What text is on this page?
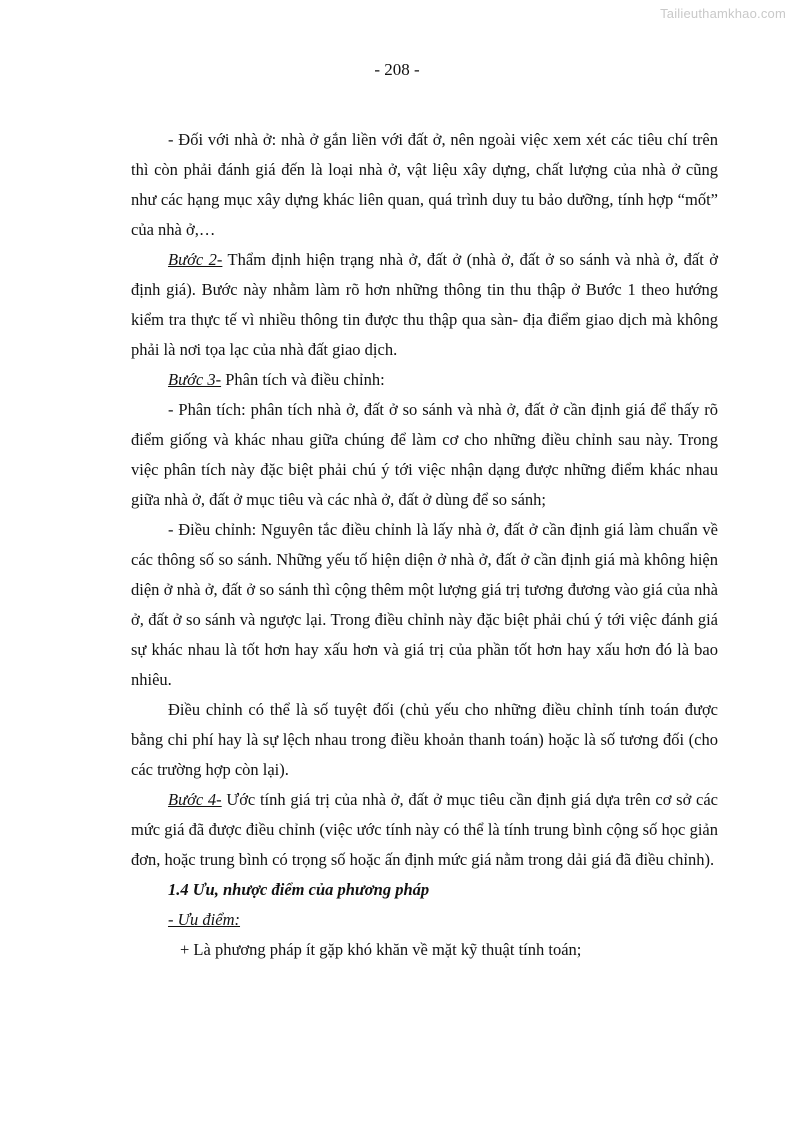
Tailieuthamkhao.com
- 208 -

- Đối với nhà ở: nhà ở gắn liền với đất ở, nên ngoài việc xem xét các tiêu chí trên thì còn phải đánh giá đến là loại nhà ở, vật liệu xây dựng, chất lượng của nhà ở cũng như các hạng mục xây dựng khác liên quan, quá trình duy tu bảo dưỡng, tính hợp “mốt” của nhà ở,…

Bước 2- Thẩm định hiện trạng nhà ở, đất ở (nhà ở, đất ở so sánh và nhà ở, đất ở định giá). Bước này nhằm làm rõ hơn những thông tin thu thập ở Bước 1 theo hướng kiểm tra thực tế vì nhiều thông tin được thu thập qua sàn- địa điểm giao dịch mà không phải là nơi tọa lạc của nhà đất giao dịch.

Bước 3- Phân tích và điều chỉnh:

- Phân tích: phân tích nhà ở, đất ở so sánh và nhà ở, đất ở cần định giá để thấy rõ điểm giống và khác nhau giữa chúng để làm cơ cho những điều chỉnh sau này. Trong việc phân tích này đặc biệt phải chú ý tới việc nhận dạng được những điểm khác nhau giữa nhà ở, đất ở mục tiêu và các nhà ở, đất ở dùng để so sánh;

- Điều chỉnh: Nguyên tắc điều chỉnh là lấy nhà ở, đất ở cần định giá làm chuẩn về các thông số so sánh. Những yếu tố hiện diện ở nhà ở, đất ở cần định giá mà không hiện diện ở nhà ở, đất ở so sánh thì cộng thêm một lượng giá trị tương đương vào giá của nhà ở, đất ở so sánh và ngược lại. Trong điều chỉnh này đặc biệt phải chú ý tới việc đánh giá sự khác nhau là tốt hơn hay xấu hơn và giá trị của phần tốt hơn hay xấu hơn đó là bao nhiêu.

Điều chỉnh có thể là số tuyệt đối (chủ yếu cho những điều chỉnh tính toán được bằng chi phí hay là sự lệch nhau trong điều khoản thanh toán) hoặc là số tương đối (cho các trường hợp còn lại).

Bước 4- Ước tính giá trị của nhà ở, đất ở mục tiêu cần định giá dựa trên cơ sở các mức giá đã được điều chỉnh (việc ước tính này có thể là tính trung bình cộng số học giản đơn, hoặc trung bình có trọng số hoặc ấn định mức giá nằm trong dải giá đã điều chỉnh).

1.4 Ưu, nhược điểm của phương pháp

- Ưu điểm:

+ Là phương pháp ít gặp khó khăn về mặt kỹ thuật tính toán;
